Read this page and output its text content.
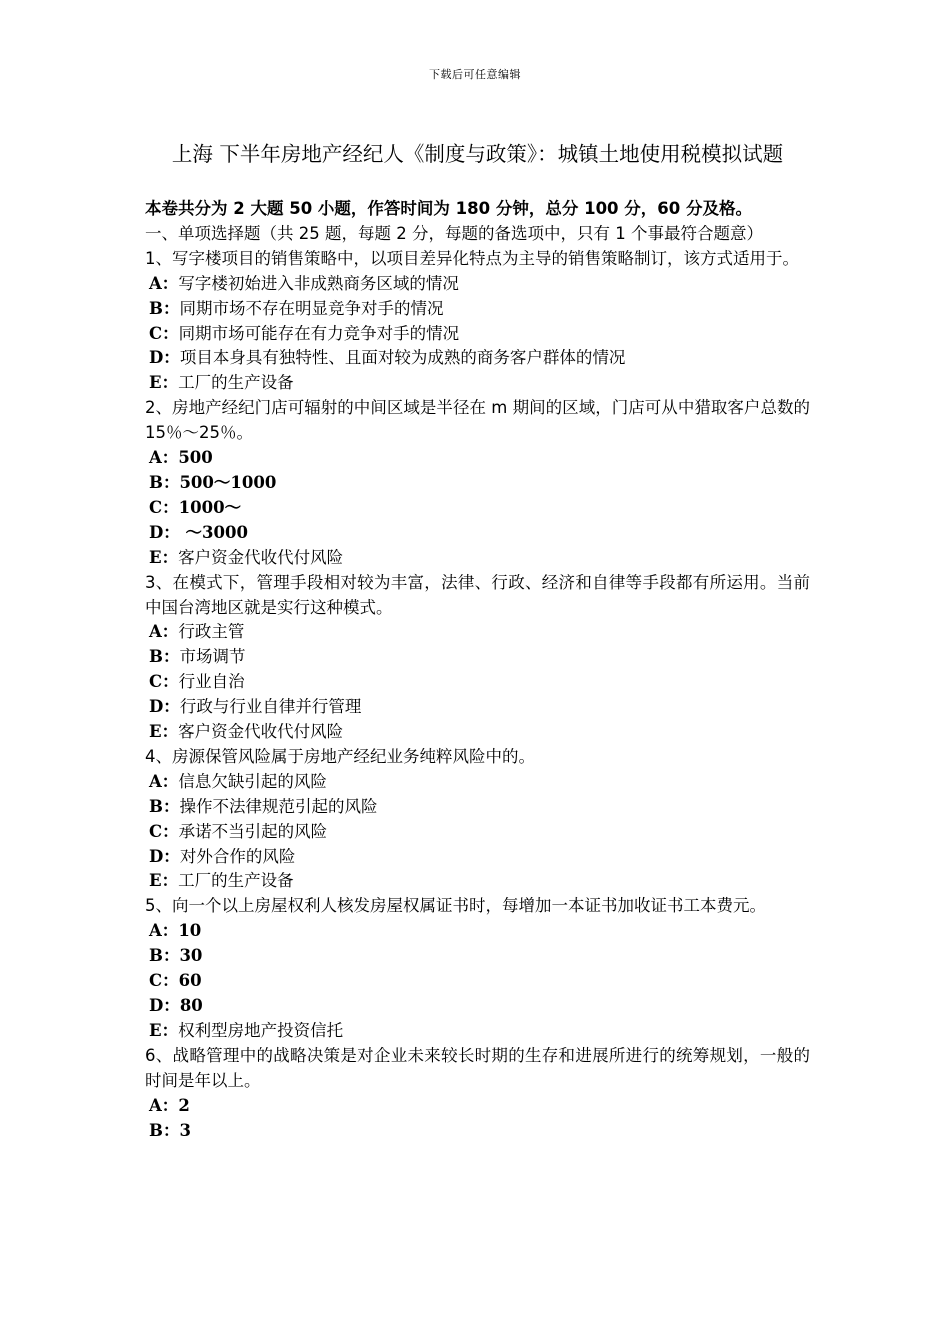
下载后可任意编辑
上海 下半年房地产经纪人《制度与政策》：城镇土地使用税模拟试题
本卷共分为 2 大题 50 小题，作答时间为 180 分钟，总分 100 分，60 分及格。
一、单项选择题（共 25 题，每题 2 分，每题的备选项中，只有 1 个事最符合题意）
1、写字楼项目的销售策略中，以项目差异化特点为主导的销售策略制订，该方式适用于。
A：写字楼初始进入非成熟商务区域的情况
B：同期市场不存在明显竞争对手的情况
C：同期市场可能存在有力竞争对手的情况
D：项目本身具有独特性、且面对较为成熟的商务客户群体的情况
E：工厂的生产设备
2、房地产经纪门店可辐射的中间区域是半径在 m 期间的区域，门店可从中猎取客户总数的 15％～25％。
A：500
B：500～1000
C：1000～
D： ～3000
E：客户资金代收代付风险
3、在模式下，管理手段相对较为丰富，法律、行政、经济和自律等手段都有所运用。当前中国台湾地区就是实行这种模式。
A：行政主管
B：市场调节
C：行业自治
D：行政与行业自律并行管理
E：客户资金代收代付风险
4、房源保管风险属于房地产经纪业务纯粹风险中的。
A：信息欠缺引起的风险
B：操作不法律规范引起的风险
C：承诺不当引起的风险
D：对外合作的风险
E：工厂的生产设备
5、向一个以上房屋权利人核发房屋权属证书时，每增加一本证书加收证书工本费元。
A：10
B：30
C：60
D：80
E：权利型房地产投资信托
6、战略管理中的战略决策是对企业未来较长时期的生存和进展所进行的统筹规划，一般的时间是年以上。
A：2
B：3
